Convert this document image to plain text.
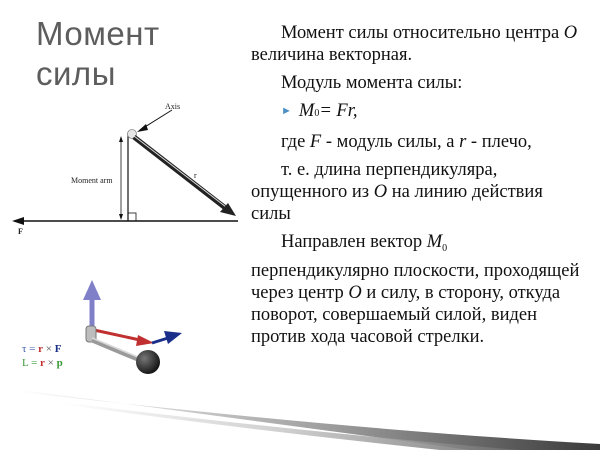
Момент
силы

Момент силы относительно центра O величина векторная.

Модуль момента силы:

► M 0 = Fr,

где F - модуль силы, а r - плечо,

т. е. длина перпендикуляра, опущенного из O на линию действия силы

Направлен вектор $M_0$ перпендикулярно плоскости, проходящей через центр O и силу, в сторону, откуда поворот, совершаемый силой, виден против хода часовой стрелки.

F
Moment arm
r
Axis
τ = r × F
L = r × p
